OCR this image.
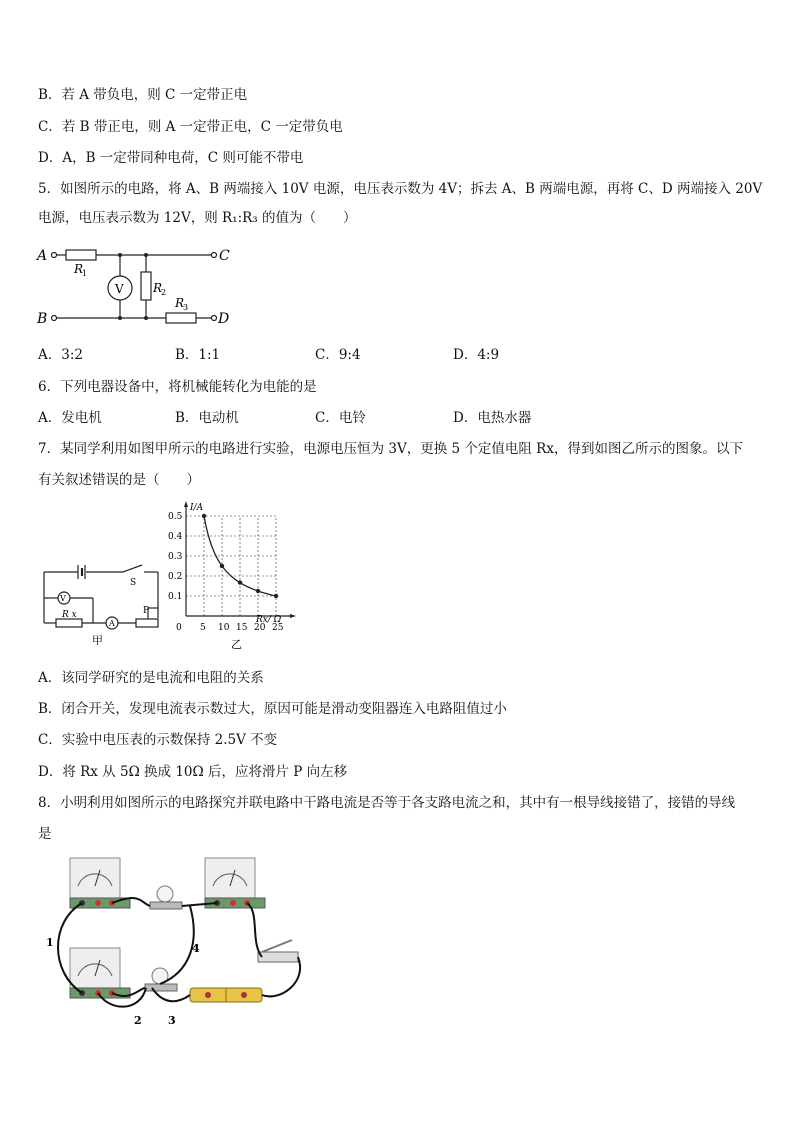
B．若 A 带负电，则 C 一定带正电
C．若 B 带正电，则 A 一定带正电，C 一定带负电
D．A，B 一定带同种电荷，C 则可能不带电
5．如图所示的电路，将 A、B 两端接入 10V 电源，电压表示数为 4V；拆去 A、B 两端电源，再将 C、D 两端接入 20V
电源，电压表示数为 12V，则 R₁:R₃ 的值为（　　）
A
B
C
D
V
R
1
R
2
R
3
A．3:2	B．1:1	C．9:4	D．4:9
6．下列电器设备中，将机械能转化为电能的是
A．发电机	B．电动机	C．电铃	D．电热水器
7．某同学利用如图甲所示的电路进行实验，电源电压恒为 3V，更换 5 个定值电阻 Rx，得到如图乙所示的图象。以下
有关叙述错误的是（　　）
S
V
A
P
R x
甲
5 10 15 20 25
0.5
0.4
0.3
0.2
0.1
I/A
Rx/ Ω
0
乙
A．该同学研究的是电流和电阻的关系
B．闭合开关，发现电流表示数过大，原因可能是滑动变阻器连入电路阻值过小
C．实验中电压表的示数保持 2.5V 不变
D．将 Rx 从 5Ω 换成 10Ω 后，应将滑片 P 向左移
8．小明利用如图所示的电路探究并联电路中干路电流是否等于各支路电流之和，其中有一根导线接错了，接错的导线
是
1
2 3
4
